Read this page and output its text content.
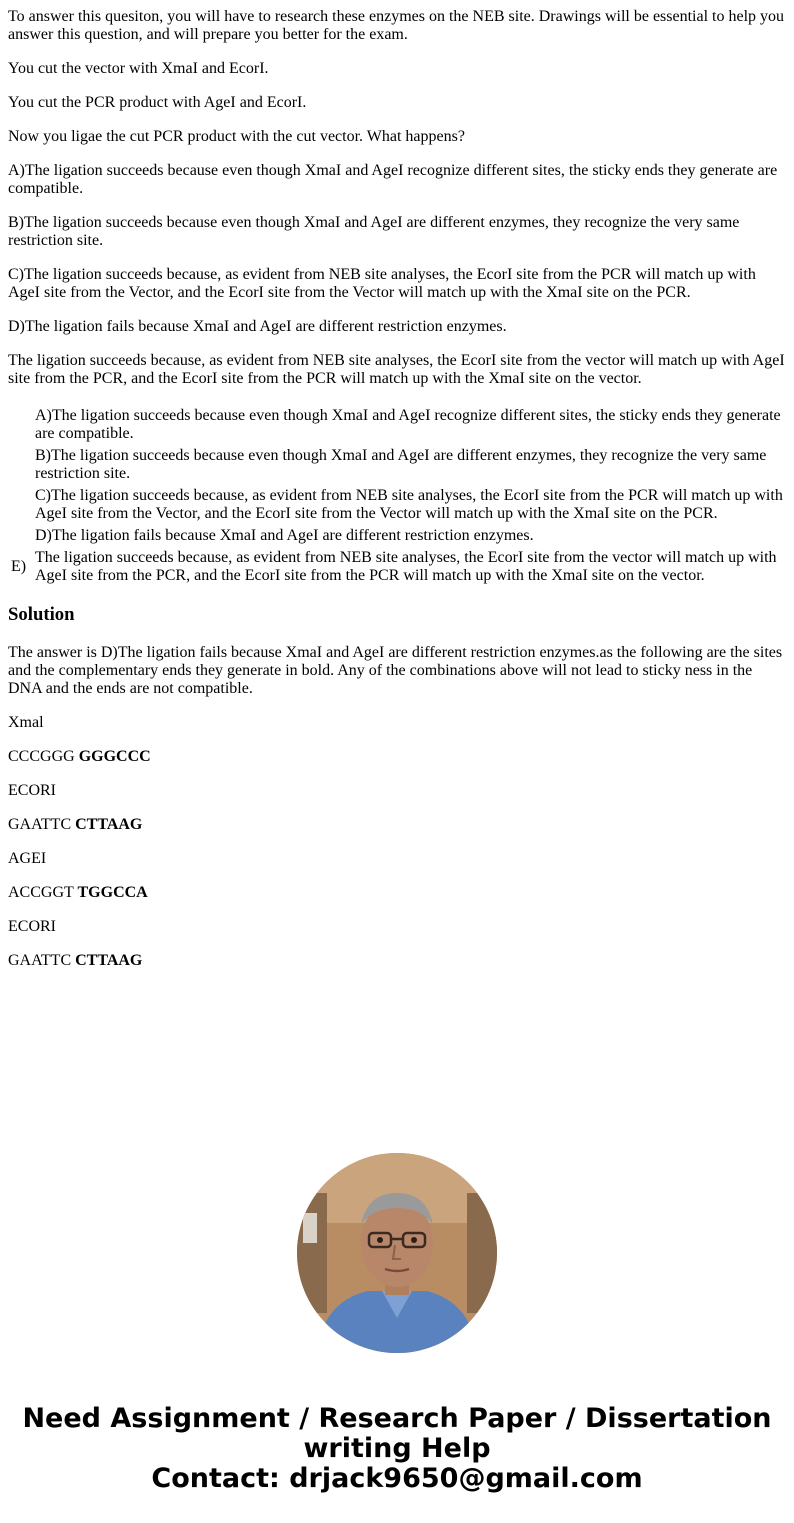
To answer this quesiton, you will have to research these enzymes on the NEB site. Drawings will be essential to help you answer this question, and will prepare you better for the exam.

You cut the vector with XmaI and EcorI.

You cut the PCR product with AgeI and EcorI.

Now you ligae the cut PCR product with the cut vector. What happens?

A)The ligation succeeds because even though XmaI and AgeI recognize different sites, the sticky ends they generate are compatible.

B)The ligation succeeds because even though XmaI and AgeI are different enzymes, they recognize the very same restriction site.

C)The ligation succeeds because, as evident from NEB site analyses, the EcorI site from the PCR will match up with AgeI site from the Vector, and the EcorI site from the Vector will match up with the XmaI site on the PCR.

D)The ligation fails because XmaI and AgeI are different restriction enzymes.

The ligation succeeds because, as evident from NEB site analyses, the EcorI site from the vector will match up with AgeI site from the PCR, and the EcorI site from the PCR will match up with the XmaI site on the vector.

	A)The ligation succeeds because even though XmaI and AgeI recognize different sites, the sticky ends they generate are compatible.
	B)The ligation succeeds because even though XmaI and AgeI are different enzymes, they recognize the very same restriction site.
	C)The ligation succeeds because, as evident from NEB site analyses, the EcorI site from the PCR will match up with AgeI site from the Vector, and the EcorI site from the Vector will match up with the XmaI site on the PCR.
	D)The ligation fails because XmaI and AgeI are different restriction enzymes.
E)	The ligation succeeds because, as evident from NEB site analyses, the EcorI site from the vector will match up with AgeI site from the PCR, and the EcorI site from the PCR will match up with the XmaI site on the vector.
Solution

The answer is D)The ligation fails because XmaI and AgeI are different restriction enzymes.as the following are the sites and the complementary ends they generate in bold. Any of the combinations above will not lead to sticky ness in the DNA and the ends are not compatible.

Xmal

CCCGGG GGGCCC

ECORI

GAATTC CTTAAG

AGEI

ACCGGT TGGCCA

ECORI

GAATTC CTTAAG

Need Assignment / Research Paper / Dissertation
writing Help
Contact: drjack9650@gmail.com
